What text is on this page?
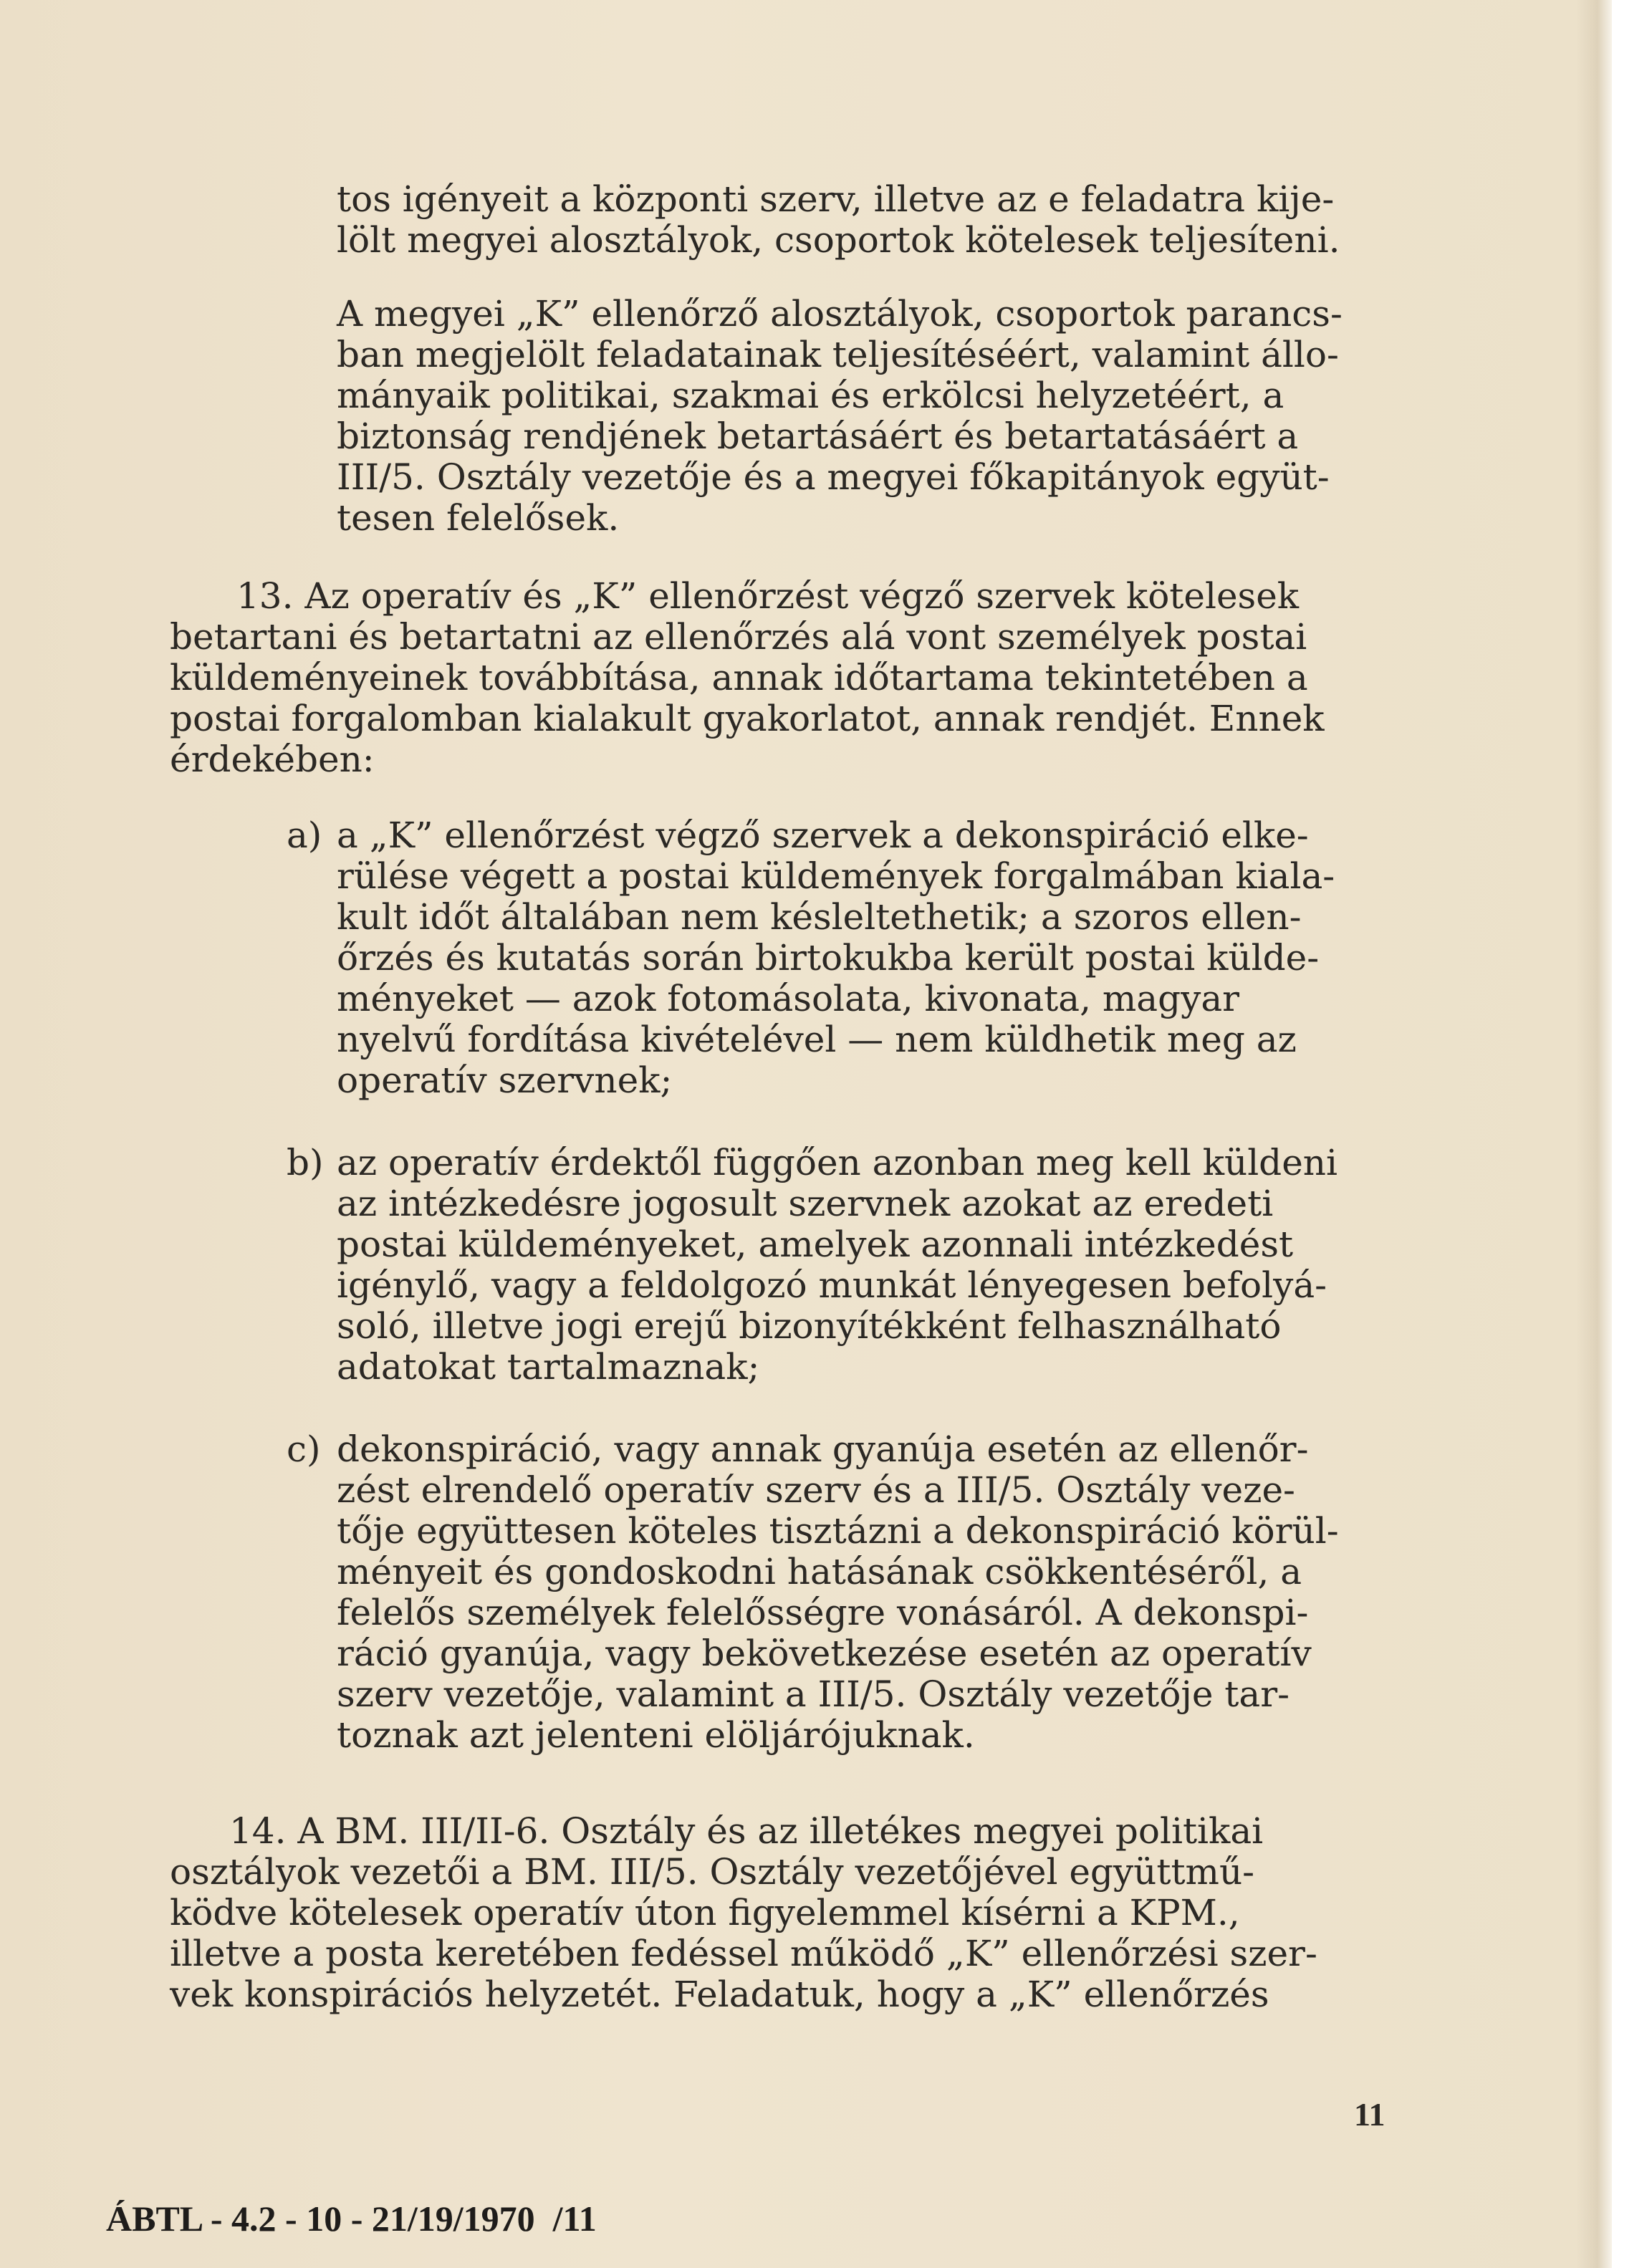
tos igényeit a központi szerv, illetve az e feladatra kije-
lölt megyei alosztályok, csoportok kötelesek teljesíteni.
A megyei „K” ellenőrző alosztályok, csoportok parancs-
ban megjelölt feladatainak teljesítéséért, valamint állo-
mányaik politikai, szakmai és erkölcsi helyzetéért, a
biztonság rendjének betartásáért és betartatásáért a
III/5. Osztály vezetője és a megyei főkapitányok együt-
tesen felelősek.
13. Az operatív és „K” ellenőrzést végző szervek kötelesek
betartani és betartatni az ellenőrzés alá vont személyek postai
küldeményeinek továbbítása, annak időtartama tekintetében a
postai forgalomban kialakult gyakorlatot, annak rendjét. Ennek
érdekében:
a) a „K” ellenőrzést végző szervek a dekonspiráció elke-
rülése végett a postai küldemények forgalmában kiala-
kult időt általában nem késleltethetik; a szoros ellen-
őrzés és kutatás során birtokukba került postai külde-
ményeket — azok fotomásolata, kivonata, magyar
nyelvű fordítása kivételével — nem küldhetik meg az
operatív szervnek;
b) az operatív érdektől függően azonban meg kell küldeni
az intézkedésre jogosult szervnek azokat az eredeti
postai küldeményeket, amelyek azonnali intézkedést
igénylő, vagy a feldolgozó munkát lényegesen befolyá-
soló, illetve jogi erejű bizonyítékként felhasználható
adatokat tartalmaznak;
c) dekonspiráció, vagy annak gyanúja esetén az ellenőr-
zést elrendelő operatív szerv és a III/5. Osztály veze-
tője együttesen köteles tisztázni a dekonspiráció körül-
ményeit és gondoskodni hatásának csökkentéséről, a
felelős személyek felelősségre vonásáról. A dekonspi-
ráció gyanúja, vagy bekövetkezése esetén az operatív
szerv vezetője, valamint a III/5. Osztály vezetője tar-
toznak azt jelenteni elöljárójuknak.
14. A BM. III/II-6. Osztály és az illetékes megyei politikai
osztályok vezetői a BM. III/5. Osztály vezetőjével együttmű-
ködve kötelesek operatív úton figyelemmel kísérni a KPM.,
illetve a posta keretében fedéssel működő „K” ellenőrzési szer-
vek konspirációs helyzetét. Feladatuk, hogy a „K” ellenőrzés
11
ÁBTL - 4.2 - 10 - 21/19/1970  /11
